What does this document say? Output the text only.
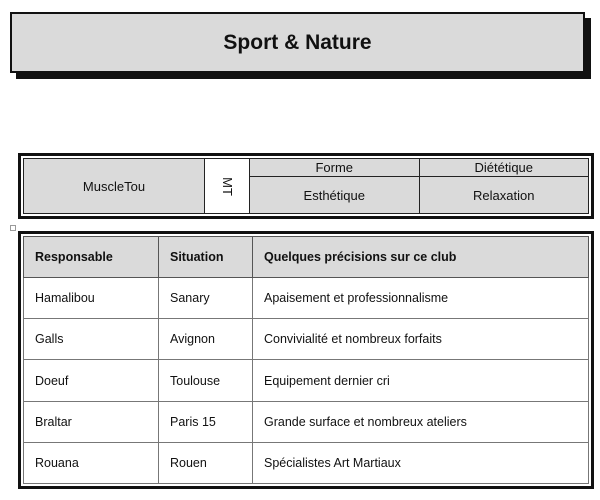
Sport & Nature
MuscleTou	MT	Forme	Diététique
		Esthétique	Relaxation
Responsable	Situation	Quelques précisions sur ce club
Hamalibou	Sanary	Apaisement et professionnalisme
Galls	Avignon	Convivialité et nombreux forfaits
Doeuf	Toulouse	Equipement dernier cri
Braltar	Paris 15	Grande surface et nombreux ateliers
Rouana	Rouen	Spécialistes Art Martiaux
